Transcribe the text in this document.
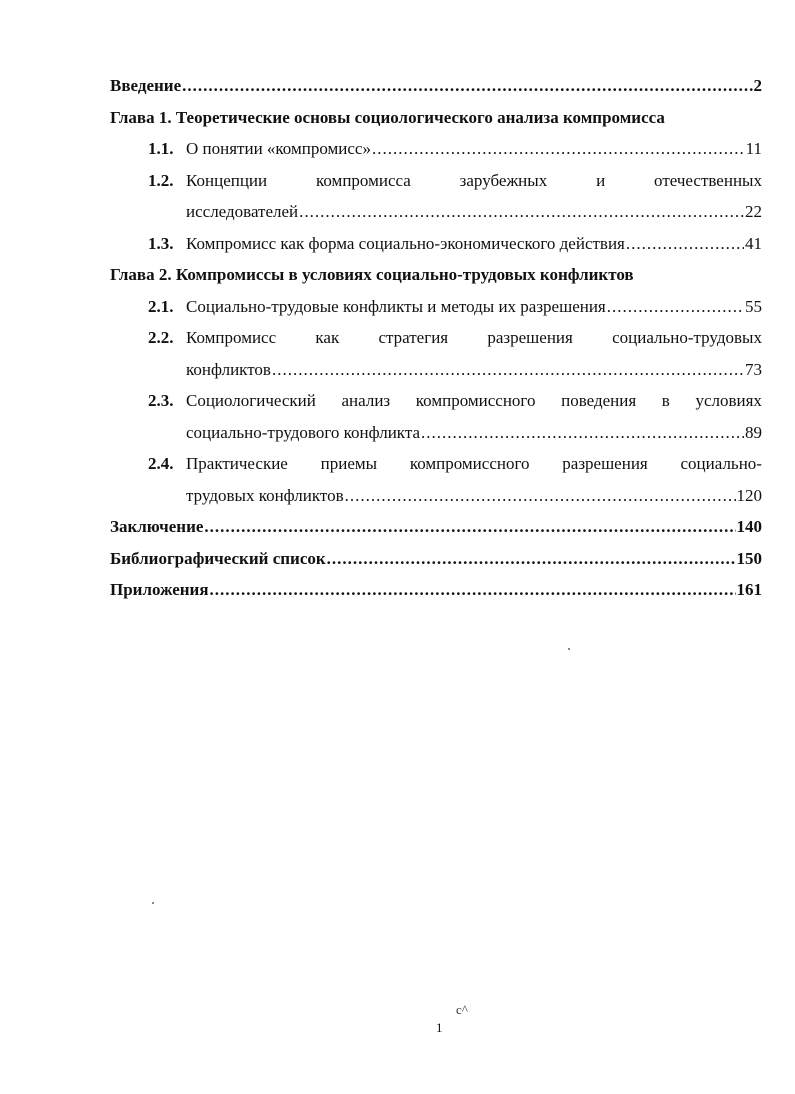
Введение .....	2
Глава 1. Теоретические основы социологического анализа компромисса
1.1. О понятии «компромисс» .....	11
1.2. Концепции	компромисса	зарубежных	и	отечественных
исследователей .....	22
1.3. Компромисс как форма социально-экономического действия .....	41
Глава 2. Компромиссы в условиях социально-трудовых конфликтов
2.1. Социально-трудовые конфликты и методы их разрешения .....	55
2.2. Компромисс как стратегия разрешения социально-трудовых
конфликтов .....	73
2.3. Социологический анализ компромиссного поведения в условиях
социально-трудового конфликта .....	89
2.4. Практические приемы компромиссного разрешения социально-
трудовых конфликтов .....	120
Заключение .....	140
Библиографический список .....	150
Приложения .....	161
с^
1
